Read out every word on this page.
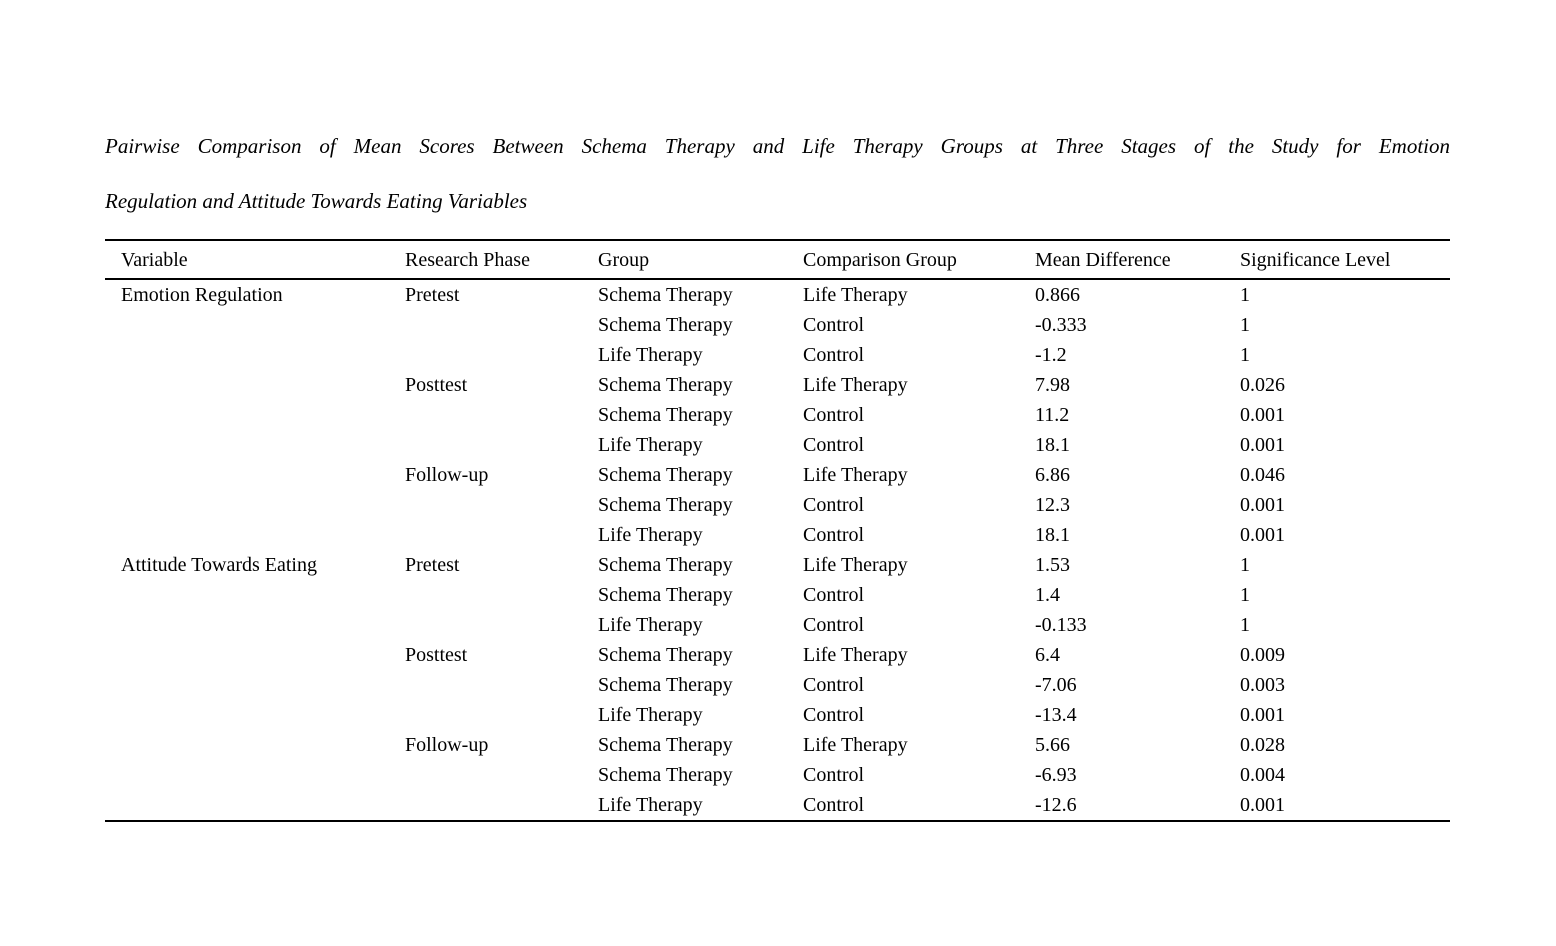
Pairwise Comparison of Mean Scores Between Schema Therapy and Life Therapy Groups at Three Stages of the Study for Emotion
Regulation and Attitude Towards Eating Variables
Variable	Research Phase	Group	Comparison Group	Mean Difference	Significance Level
Emotion Regulation	Pretest	Schema Therapy	Life Therapy	0.866	1
		Schema Therapy	Control	-0.333	1
		Life Therapy	Control	-1.2	1
	Posttest	Schema Therapy	Life Therapy	7.98	0.026
		Schema Therapy	Control	11.2	0.001
		Life Therapy	Control	18.1	0.001
	Follow-up	Schema Therapy	Life Therapy	6.86	0.046
		Schema Therapy	Control	12.3	0.001
		Life Therapy	Control	18.1	0.001
Attitude Towards Eating	Pretest	Schema Therapy	Life Therapy	1.53	1
		Schema Therapy	Control	1.4	1
		Life Therapy	Control	-0.133	1
	Posttest	Schema Therapy	Life Therapy	6.4	0.009
		Schema Therapy	Control	-7.06	0.003
		Life Therapy	Control	-13.4	0.001
	Follow-up	Schema Therapy	Life Therapy	5.66	0.028
		Schema Therapy	Control	-6.93	0.004
		Life Therapy	Control	-12.6	0.001
